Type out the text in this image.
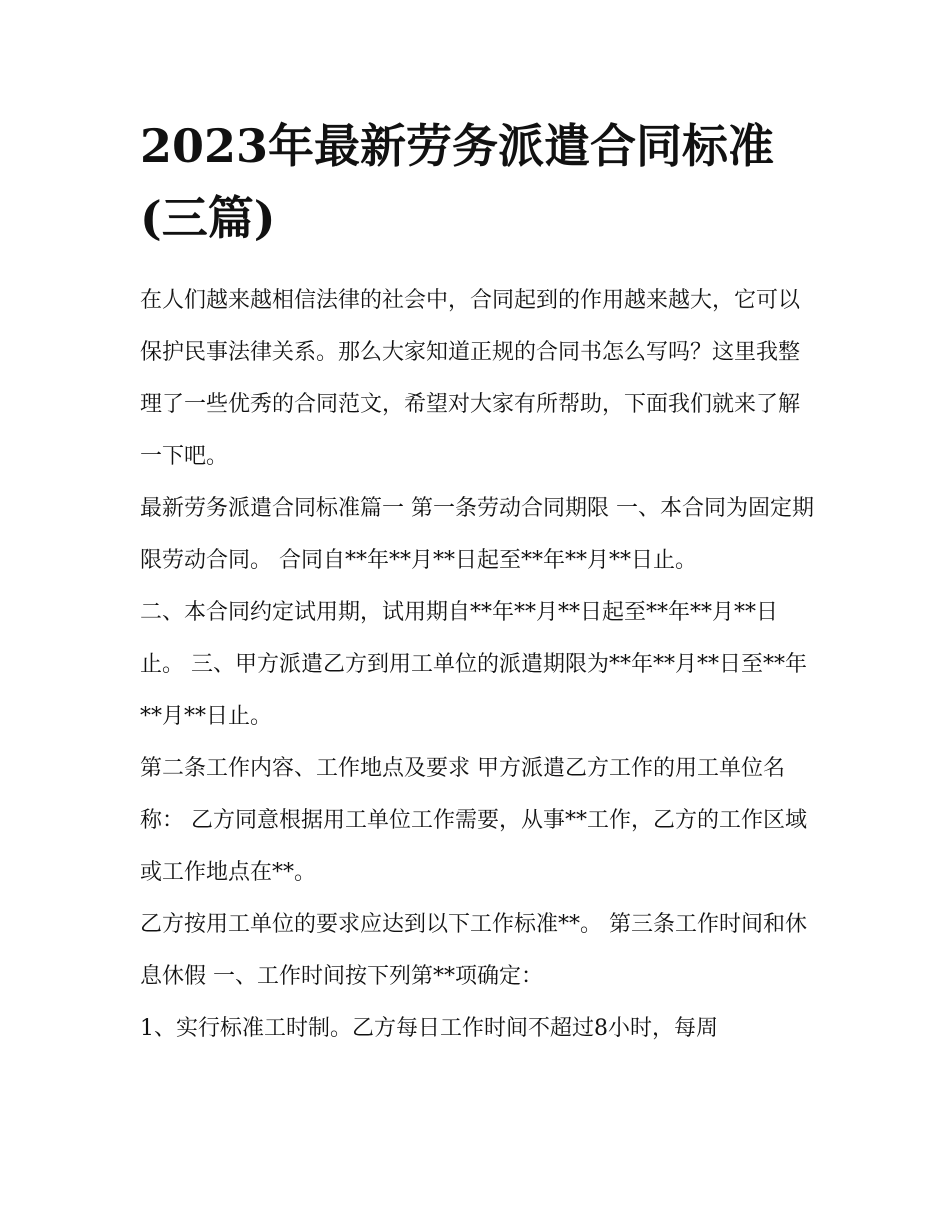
2023年最新劳务派遣合同标准(三篇)

在人们越来越相信法律的社会中，合同起到的作用越来越大，它可以保护民事法律关系。那么大家知道正规的合同书怎么写吗？这里我整理了一些优秀的合同范文，希望对大家有所帮助，下面我们就来了解一下吧。

最新劳务派遣合同标准篇一 第一条劳动合同期限 一、本合同为固定期限劳动合同。 合同自**年**月**日起至**年**月**日止。

二、本合同约定试用期，试用期自**年**月**日起至**年**月**日止。 三、甲方派遣乙方到用工单位的派遣期限为**年**月**日至**年**月**日止。

第二条工作内容、工作地点及要求 甲方派遣乙方工作的用工单位名称： 乙方同意根据用工单位工作需要，从事**工作，乙方的工作区域或工作地点在**。

乙方按用工单位的要求应达到以下工作标准**。 第三条工作时间和休息休假 一、工作时间按下列第**项确定：

1、实行标准工时制。乙方每日工作时间不超过8小时，每周
